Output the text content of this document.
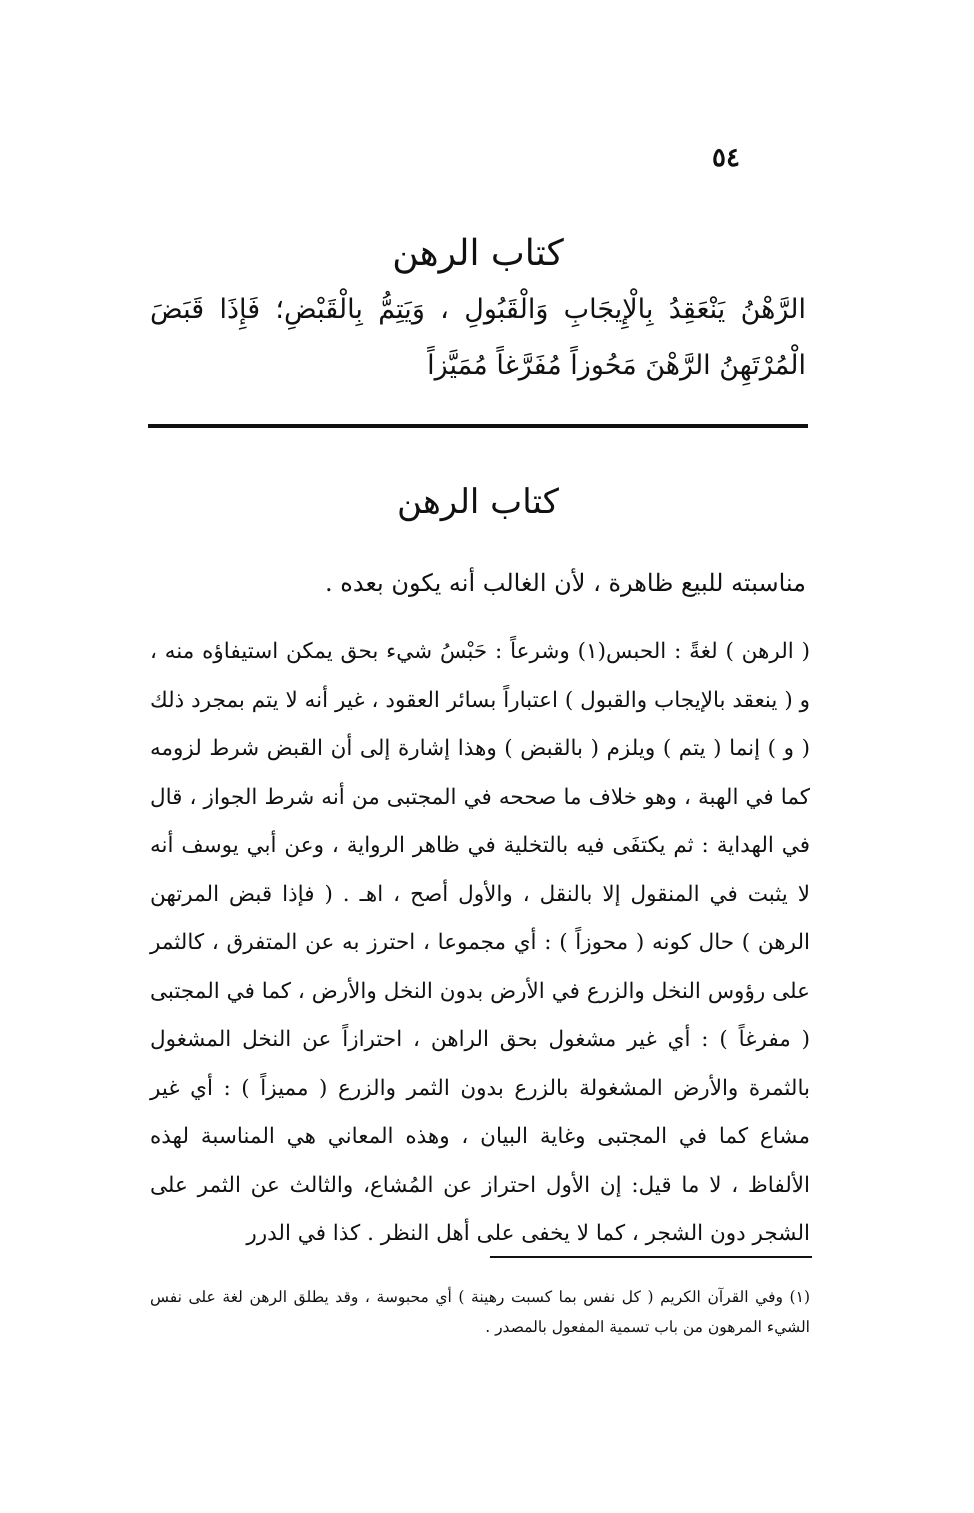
٥٤
كتاب الرهن
الرَّهْنُ يَنْعَقِدُ بِالْإِيجَابِ وَالْقَبُولِ ، وَيَتِمُّ بِالْقَبْضِ؛ فَإِذَا قَبَضَ الْمُرْتَهِنُ الرَّهْنَ مَحُوزاً مُفَرَّغاً مُمَيَّزاً
كتاب الرهن
مناسبته للبيع ظاهرة ، لأن الغالب أنه يكون بعده .
( الرهن ) لغةً : الحبس(١) وشرعاً : حَبْسُ شيء بحق يمكن استيفاؤه منه ، و ( ينعقد بالإيجاب والقبول ) اعتباراً بسائر العقود ، غير أنه لا يتم بمجرد ذلك ( و ) إنما ( يتم ) ويلزم ( بالقبض ) وهذا إشارة إلى أن القبض شرط لزومه كما في الهبة ، وهو خلاف ما صححه في المجتبى من أنه شرط الجواز ، قال في الهداية : ثم يكتفَى فيه بالتخلية في ظاهر الرواية ، وعن أبي يوسف أنه لا يثبت في المنقول إلا بالنقل ، والأول أصح ، اهـ . ( فإذا قبض المرتهن الرهن ) حال كونه ( محوزاً ) : أي مجموعا ، احترز به عن المتفرق ، كالثمر على رؤوس النخل والزرع في الأرض بدون النخل والأرض ، كما في المجتبى ( مفرغاً ) : أي غير مشغول بحق الراهن ، احترازاً عن النخل المشغول بالثمرة والأرض المشغولة بالزرع بدون الثمر والزرع ( مميزاً ) : أي غير مشاع كما في المجتبى وغاية البيان ، وهذه المعاني هي المناسبة لهذه الألفاظ ، لا ما قيل: إن الأول احتراز عن المُشاع، والثالث عن الثمر على الشجر دون الشجر ، كما لا يخفى على أهل النظر . كذا في الدرر
(١) وفي القرآن الكريم ( كل نفس بما كسبت رهينة ) أي محبوسة ، وقد يطلق الرهن لغة على نفس الشيء المرهون من باب تسمية المفعول بالمصدر .
